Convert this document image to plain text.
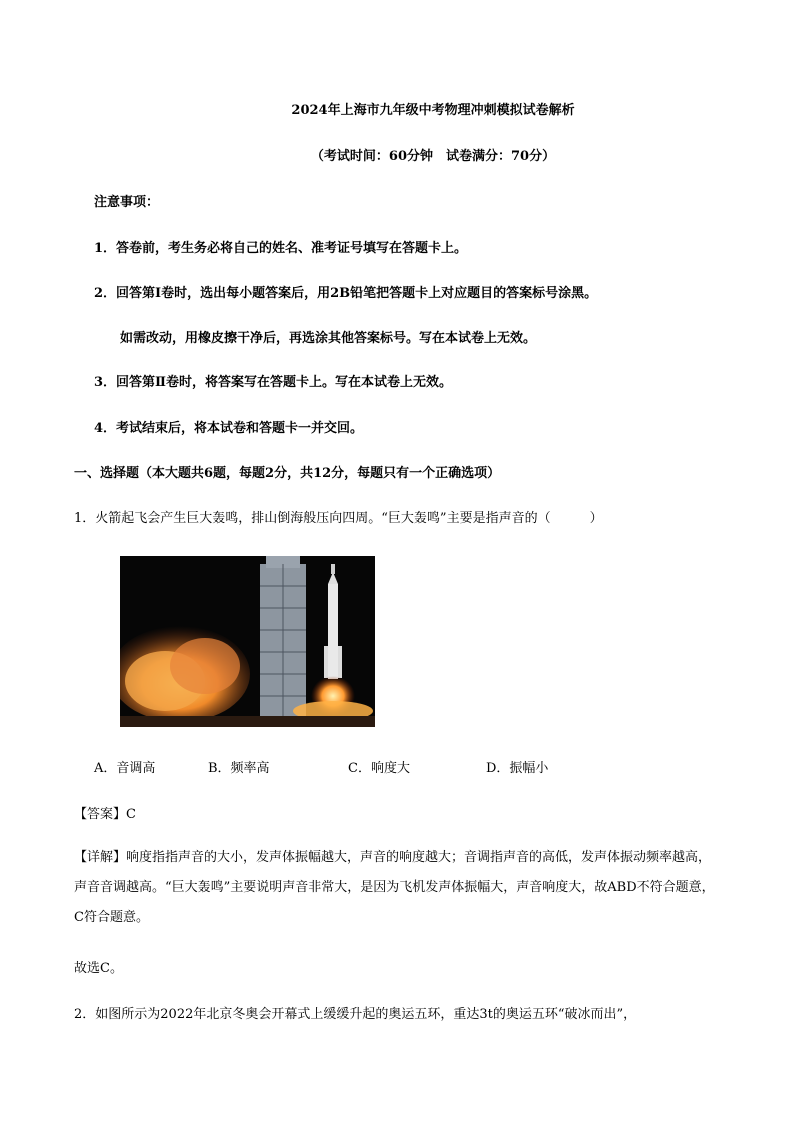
2024年上海市九年级中考物理冲刺模拟试卷解析
（考试时间：60分钟　试卷满分：70分）
注意事项：
1．答卷前，考生务必将自己的姓名、准考证号填写在答题卡上。
2．回答第Ⅰ卷时，选出每小题答案后，用2B铅笔把答题卡上对应题目的答案标号涂黑。
如需改动，用橡皮擦干净后，再选涂其他答案标号。写在本试卷上无效。
3．回答第Ⅱ卷时，将答案写在答题卡上。写在本试卷上无效。
4．考试结束后，将本试卷和答题卡一并交回。
一、选择题（本大题共6题，每题2分，共12分，每题只有一个正确选项）
1．火箭起飞会产生巨大轰鸣，排山倒海般压向四周。“巨大轰鸣”主要是指声音的（　　　）
A．音调高	B．频率高	C．响度大	D．振幅小
【答案】C
【详解】响度指指声音的大小，发声体振幅越大，声音的响度越大；音调指声音的高低，发声体振动频率越高，声音音调越高。“巨大轰鸣”主要说明声音非常大，是因为飞机发声体振幅大，声音响度大，故ABD不符合题意，C符合题意。
故选C。
2．如图所示为2022年北京冬奥会开幕式上缓缓升起的奥运五环，重达3t的奥运五环“破冰而出”，
